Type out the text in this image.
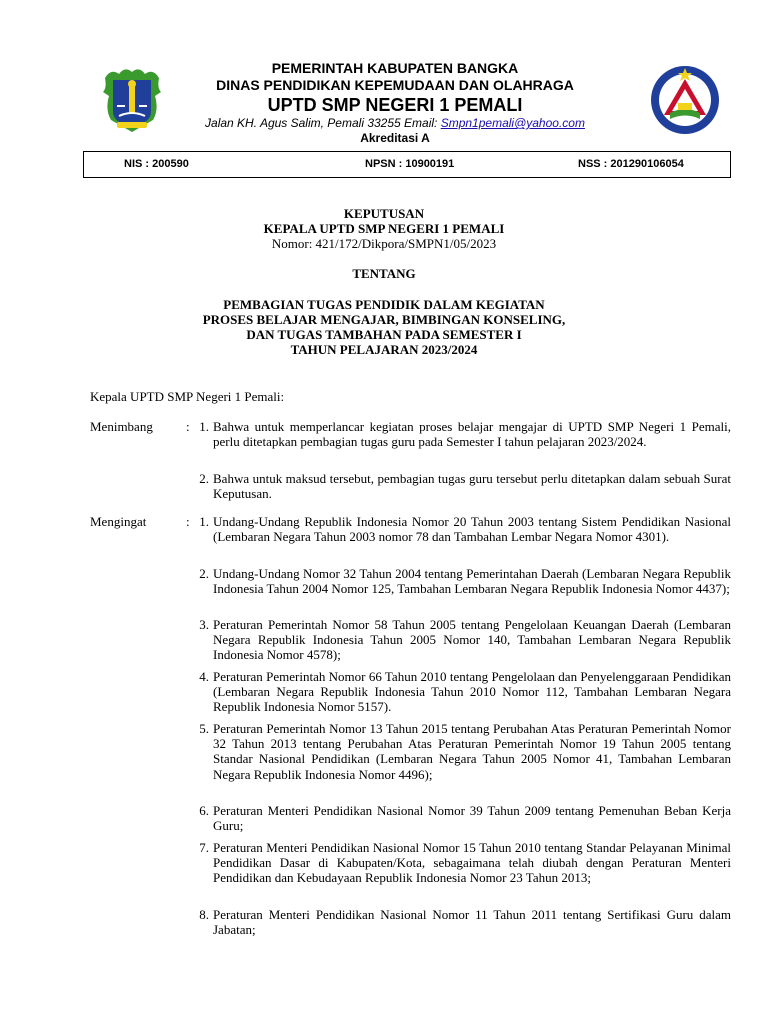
PEMERINTAH KABUPATEN BANGKA

DINAS PENDIDIKAN KEPEMUDAAN DAN OLAHRAGA

UPTD SMP NEGERI 1 PEMALI

Jalan KH. Agus Salim, Pemali 33255 Email: Smpn1pemali@yahoo.com

Akreditasi A

NIS : 200590	NPSN : 10900191	NSS : 201290106054
KEPUTUSAN
KEPALA UPTD SMP NEGERI 1 PEMALI
Nomor: 421/172/Dikpora/SMPN1/05/2023
TENTANG
PEMBAGIAN TUGAS PENDIDIK DALAM KEGIATAN
PROSES BELAJAR MENGAJAR, BIMBINGAN KONSELING,
DAN TUGAS TAMBAHAN PADA SEMESTER I
TAHUN PELAJARAN 2023/2024
Kepala UPTD SMP Negeri 1 Pemali:
Menimbang	: 1. Bahwa untuk memperlancar kegiatan proses belajar mengajar di UPTD SMP Negeri 1 Pemali, perlu ditetapkan pembagian tugas guru pada Semester I tahun pelajaran 2023/2024.
2. Bahwa untuk maksud tersebut, pembagian tugas guru tersebut perlu ditetapkan dalam sebuah Surat Keputusan.
Mengingat	: 1. Undang-Undang Republik Indonesia Nomor 20 Tahun 2003 tentang Sistem Pendidikan Nasional (Lembaran Negara Tahun 2003 nomor 78 dan Tambahan Lembar Negara Nomor 4301).
2. Undang-Undang Nomor 32 Tahun 2004 tentang Pemerintahan Daerah (Lembaran Negara Republik Indonesia Tahun 2004 Nomor 125, Tambahan Lembaran Negara Republik Indonesia Nomor 4437);
3. Peraturan Pemerintah Nomor 58 Tahun 2005 tentang Pengelolaan Keuangan Daerah (Lembaran Negara Republik Indonesia Tahun 2005 Nomor 140, Tambahan Lembaran Negara Republik Indonesia Nomor 4578);
4. Peraturan Pemerintah Nomor 66 Tahun 2010 tentang Pengelolaan dan Penyelenggaraan Pendidikan (Lembaran Negara Republik Indonesia Tahun 2010 Nomor 112, Tambahan Lembaran Negara Republik Indonesia Nomor 5157).
5. Peraturan Pemerintah Nomor 13 Tahun 2015 tentang Perubahan Atas Peraturan Pemerintah Nomor 32 Tahun 2013 tentang Perubahan Atas Peraturan Pemerintah Nomor 19 Tahun 2005 tentang Standar Nasional Pendidikan (Lembaran Negara Tahun 2005 Nomor 41, Tambahan Lembaran Negara Republik Indonesia Nomor 4496);
6. Peraturan Menteri Pendidikan Nasional Nomor 39 Tahun 2009 tentang Pemenuhan Beban Kerja Guru;
7. Peraturan Menteri Pendidikan Nasional Nomor 15 Tahun 2010 tentang Standar Pelayanan Minimal Pendidikan Dasar di Kabupaten/Kota, sebagaimana telah diubah dengan Peraturan Menteri Pendidikan dan Kebudayaan Republik Indonesia Nomor 23 Tahun 2013;
8. Peraturan Menteri Pendidikan Nasional Nomor 11 Tahun 2011 tentang Sertifikasi Guru dalam Jabatan;
